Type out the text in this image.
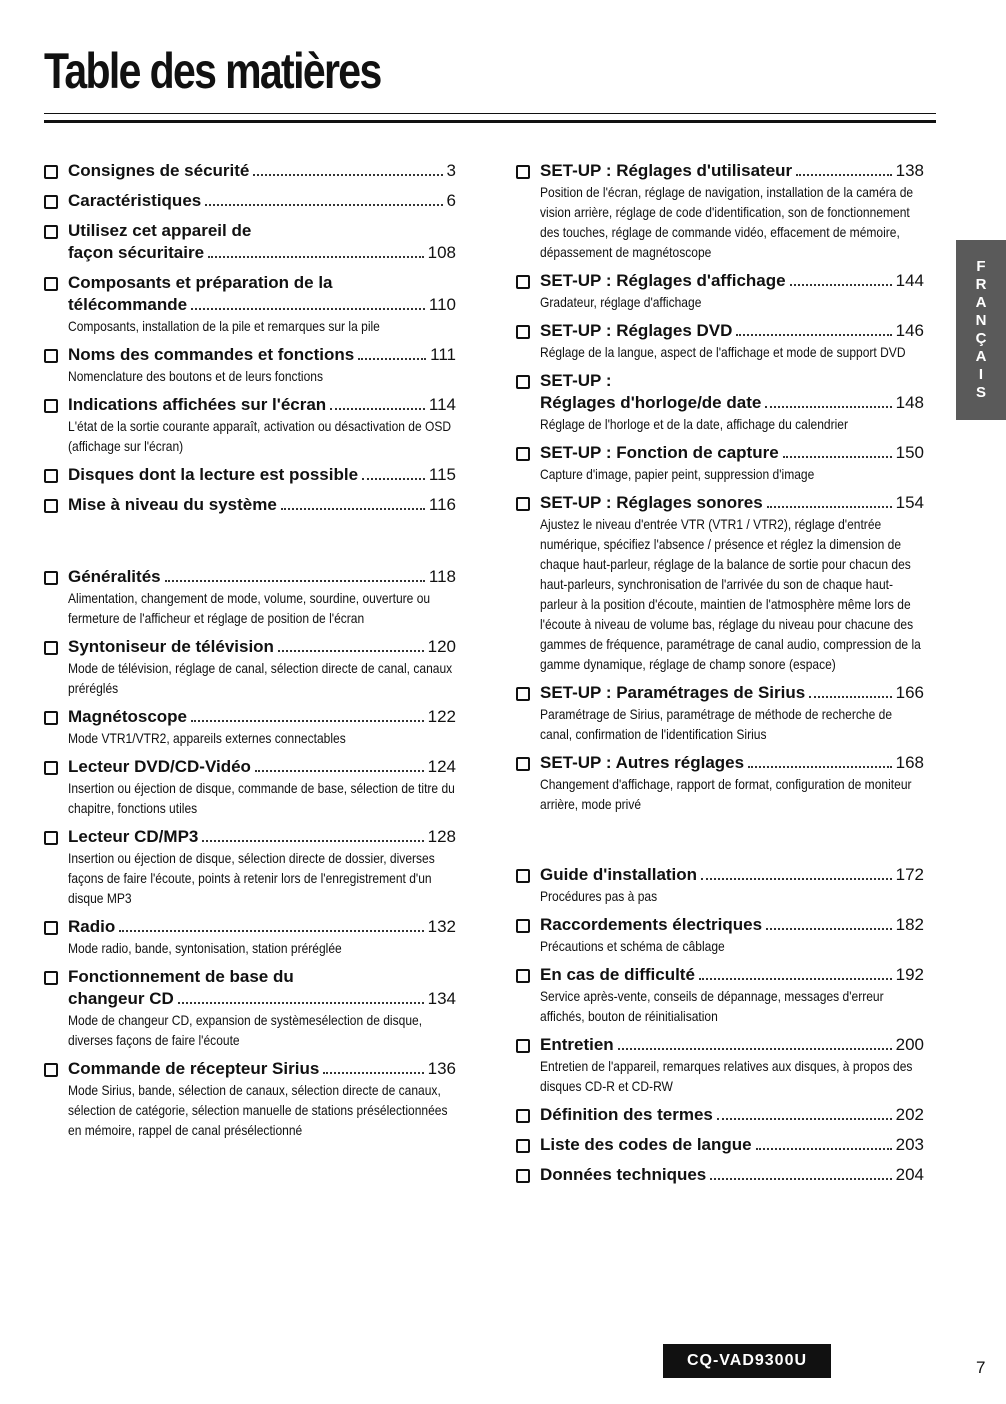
Table des matières
Consignes de sécurité	3
Caractéristiques	6
Utilisez cet appareil de
façon sécuritaire	108
Composants et préparation de la
télécommande	110
Composants, installation de la pile et remarques sur la pile
Noms des commandes et fonctions	111
Nomenclature des boutons et de leurs fonctions
Indications affichées sur l'écran	114
L'état de la sortie courante apparaît, activation ou désactivation de OSD (affichage sur l'écran)
Disques dont la lecture est possible	115
Mise à niveau du système	116
Généralités	118
Alimentation, changement de mode, volume, sourdine, ouverture ou fermeture de l'afficheur et réglage de position de l'écran
Syntoniseur de télévision	120
Mode de télévision, réglage de canal, sélection directe de canal, canaux préréglés
Magnétoscope	122
Mode VTR1/VTR2, appareils externes connectables
Lecteur DVD/CD-Vidéo	124
Insertion ou éjection de disque, commande de base, sélection de titre du chapitre, fonctions utiles
Lecteur CD/MP3	128
Insertion ou éjection de disque, sélection directe de dossier, diverses façons de faire l'écoute, points à retenir lors de l'enregistrement d'un disque MP3
Radio	132
Mode radio, bande, syntonisation, station préréglée
Fonctionnement de base du
changeur CD	134
Mode de changeur CD, expansion de systèmesélection de disque, diverses façons de faire l'écoute
Commande de récepteur Sirius	136
Mode Sirius, bande, sélection de canaux, sélection directe de canaux, sélection de catégorie, sélection manuelle de stations présélectionnées en mémoire, rappel de canal présélectionné
SET-UP : Réglages d'utilisateur	138
Position de l'écran, réglage de navigation, installation de la caméra de vision arrière, réglage de code d'identification, son de fonctionnement des touches, réglage de commande vidéo, effacement de mémoire, dépassement de magnétoscope
SET-UP : Réglages d'affichage	144
Gradateur, réglage d'affichage
SET-UP : Réglages DVD	146
Réglage de la langue, aspect de l'affichage et mode de support DVD
SET-UP :
Réglages d'horloge/de date	148
Réglage de l'horloge et de la date, affichage du calendrier
SET-UP : Fonction de capture	150
Capture d'image, papier peint, suppression d'image
SET-UP : Réglages sonores	154
Ajustez le niveau d'entrée VTR (VTR1 / VTR2), réglage d'entrée numérique, spécifiez l'absence / présence et réglez la dimension de chaque haut-parleur, réglage de la balance de sortie pour chacun des haut-parleurs, synchronisation de l'arrivée du son de chaque haut-parleur à la position d'écoute, maintien de l'atmosphère même lors de l'écoute à niveau de volume bas, réglage du niveau pour chacune des gammes de fréquence, paramétrage de canal audio, compression de la gamme dynamique, réglage de champ sonore (espace)
SET-UP : Paramétrages de Sirius	166
Paramétrage de Sirius, paramétrage de méthode de recherche de canal, confirmation de l'identification Sirius
SET-UP : Autres réglages	168
Changement d'affichage, rapport de format, configuration de moniteur arrière, mode privé
Guide d'installation	172
Procédures pas à pas
Raccordements électriques	182
Précautions et schéma de câblage
En cas de difficulté	192
Service après-vente, conseils de dépannage, messages d'erreur affichés, bouton de réinitialisation
Entretien	200
Entretien de l'appareil, remarques relatives aux disques, à propos des disques CD-R et CD-RW
Définition des termes	202
Liste des codes de langue	203
Données techniques	204
F
R
A
N
Ç
A
I
S
CQ-VAD9300U	7
